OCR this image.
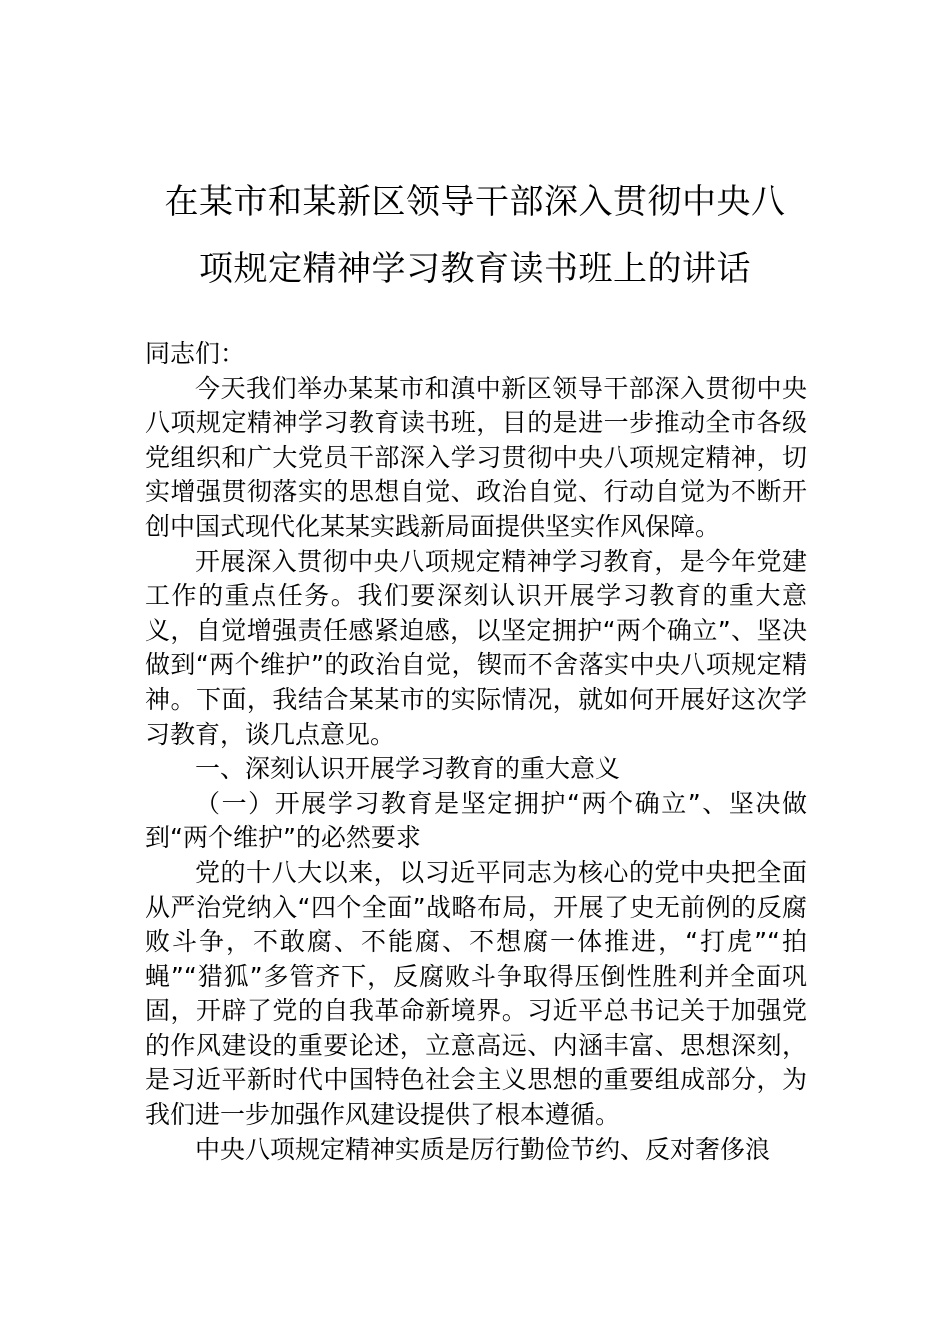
在某市和某新区领导干部深入贯彻中央八
项规定精神学习教育读书班上的讲话

同志们：

今天我们举办某某市和滇中新区领导干部深入贯彻中央八项规定精神学习教育读书班，目的是进一步推动全市各级党组织和广大党员干部深入学习贯彻中央八项规定精神，切实增强贯彻落实的思想自觉、政治自觉、行动自觉为不断开创中国式现代化某某实践新局面提供坚实作风保障。

开展深入贯彻中央八项规定精神学习教育，是今年党建工作的重点任务。我们要深刻认识开展学习教育的重大意义，自觉增强责任感紧迫感，以坚定拥护“两个确立”、坚决做到“两个维护”的政治自觉，锲而不舍落实中央八项规定精神。下面，我结合某某市的实际情况，就如何开展好这次学习教育，谈几点意见。

一、深刻认识开展学习教育的重大意义

（一）开展学习教育是坚定拥护“两个确立”、坚决做到“两个维护”的必然要求

党的十八大以来，以习近平同志为核心的党中央把全面从严治党纳入“四个全面”战略布局，开展了史无前例的反腐败斗争，不敢腐、不能腐、不想腐一体推进，“打虎”“拍蝇”“猎狐”多管齐下，反腐败斗争取得压倒性胜利并全面巩固，开辟了党的自我革命新境界。习近平总书记关于加强党的作风建设的重要论述，立意高远、内涵丰富、思想深刻，是习近平新时代中国特色社会主义思想的重要组成部分，为我们进一步加强作风建设提供了根本遵循。

中央八项规定精神实质是厉行勤俭节约、反对奢侈浪
